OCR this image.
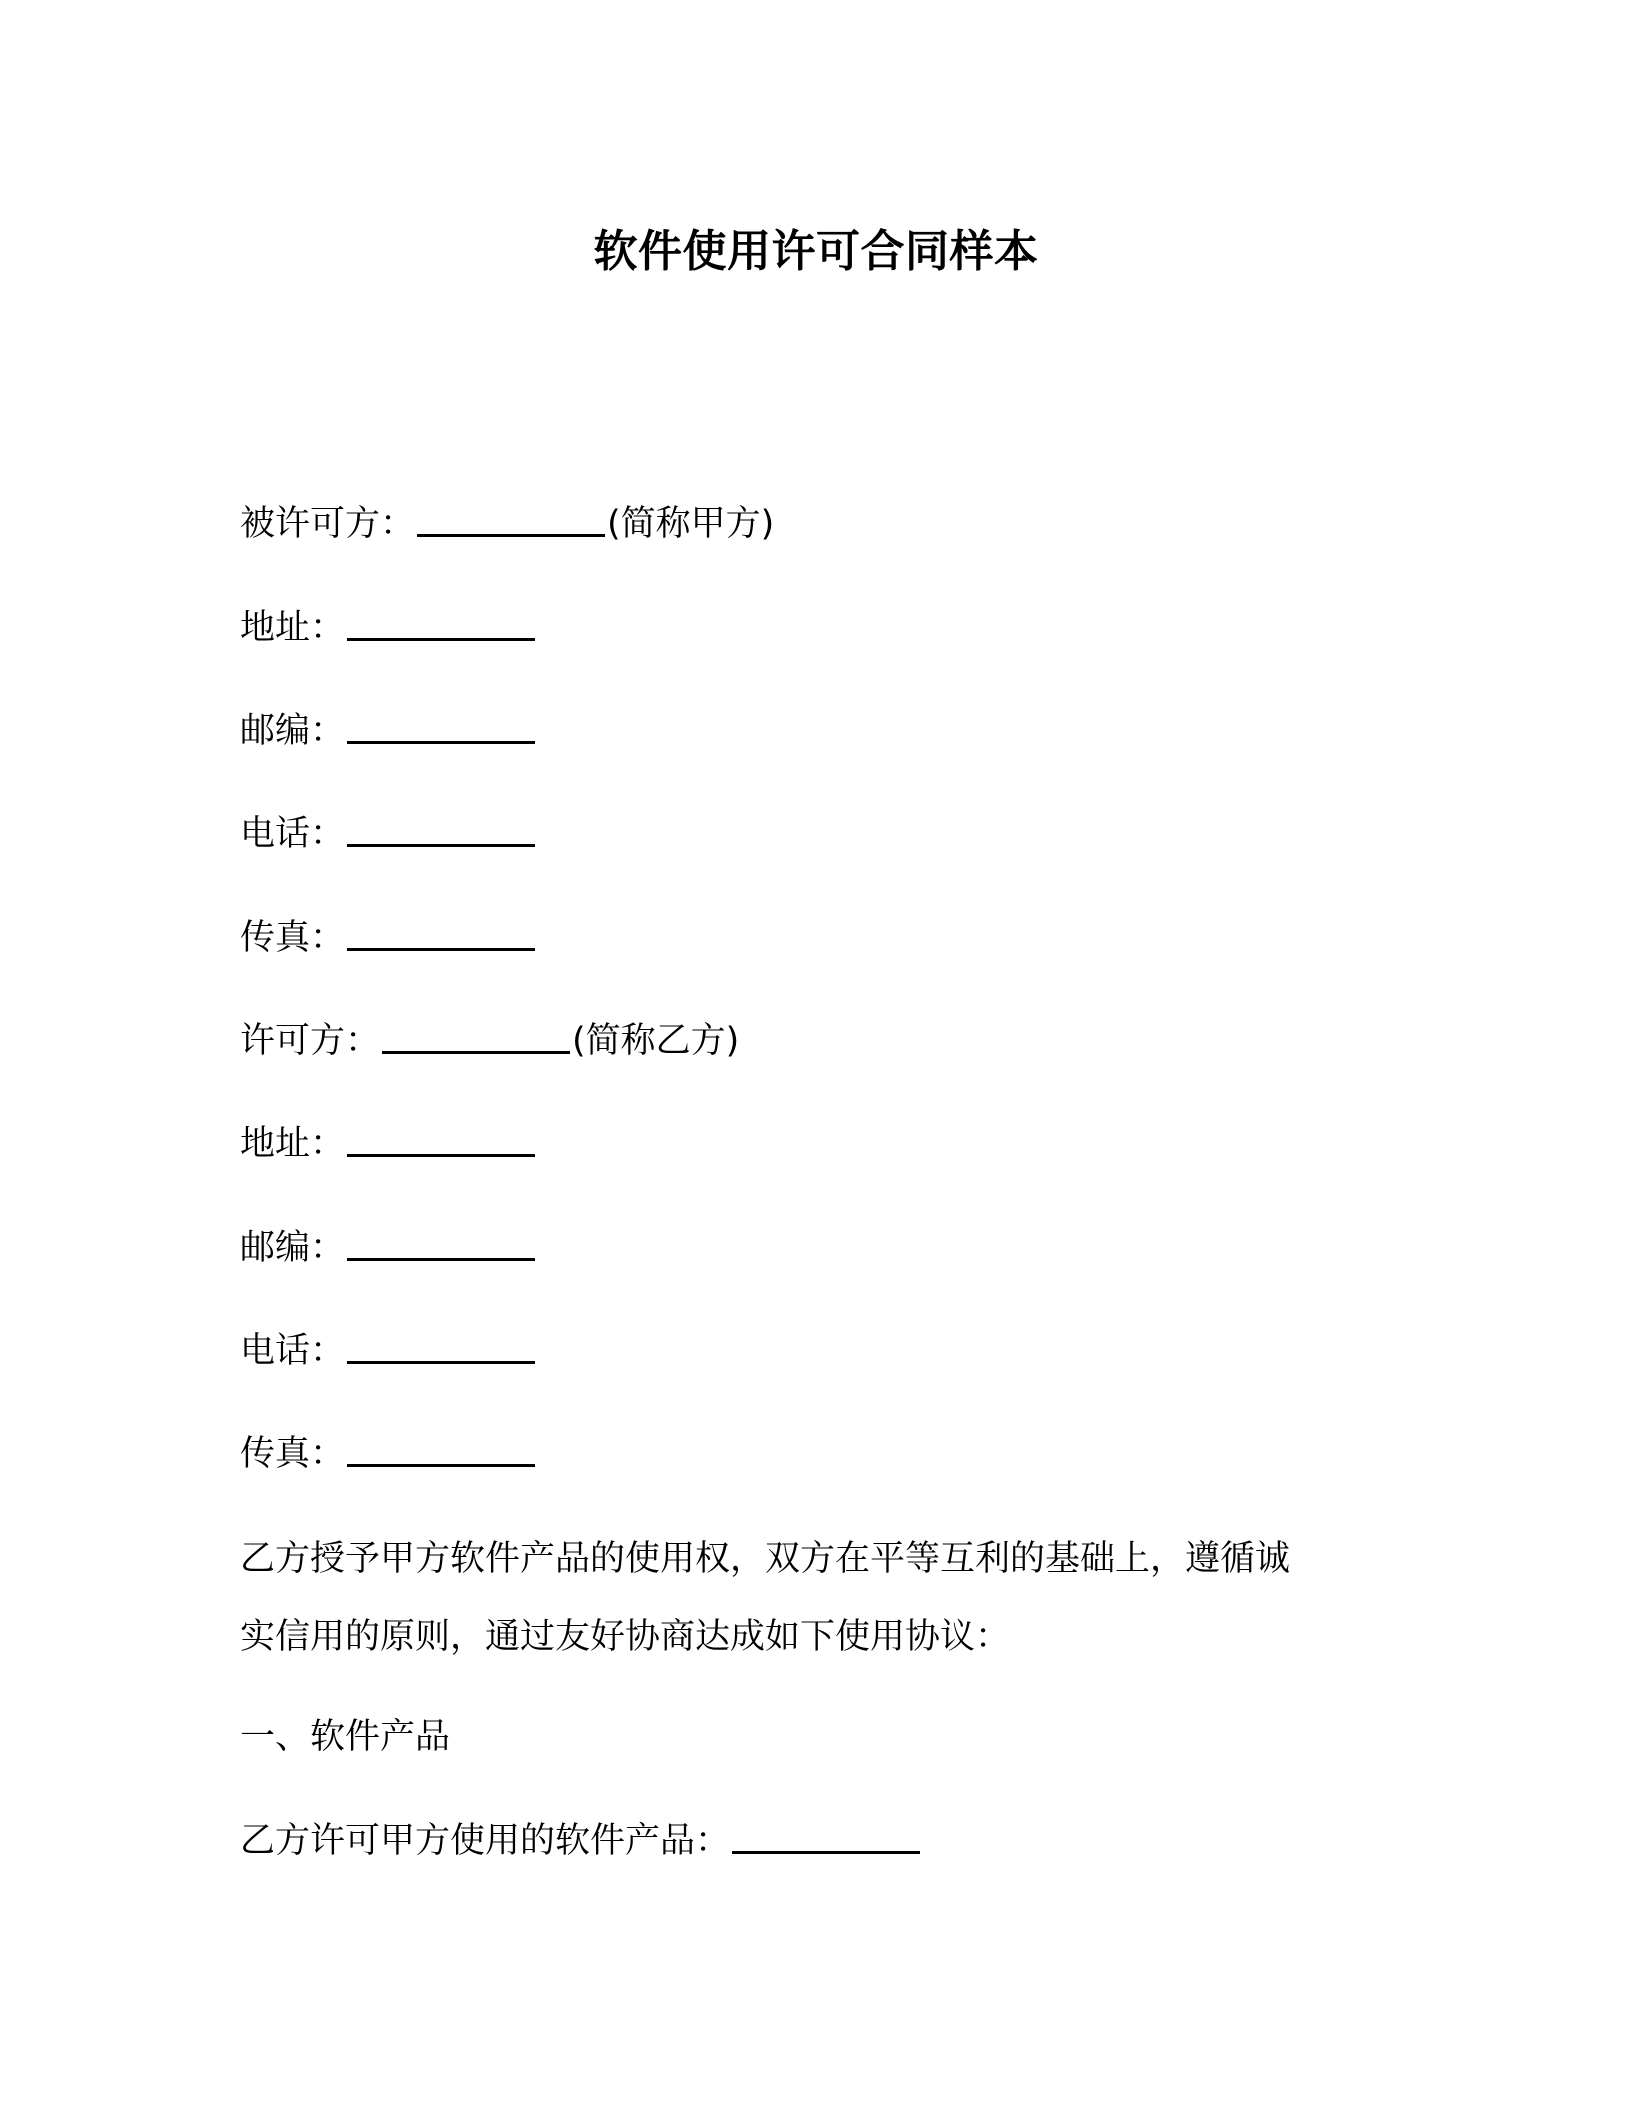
软件使用许可合同样本
被许可方：	(简称甲方)
地址：
邮编：
电话：
传真：
许可方：	(简称乙方)
地址：
邮编：
电话：
传真：
乙方授予甲方软件产品的使用权，双方在平等互利的基础上，遵循诚
实信用的原则，通过友好协商达成如下使用协议：
一、软件产品
乙方许可甲方使用的软件产品：
